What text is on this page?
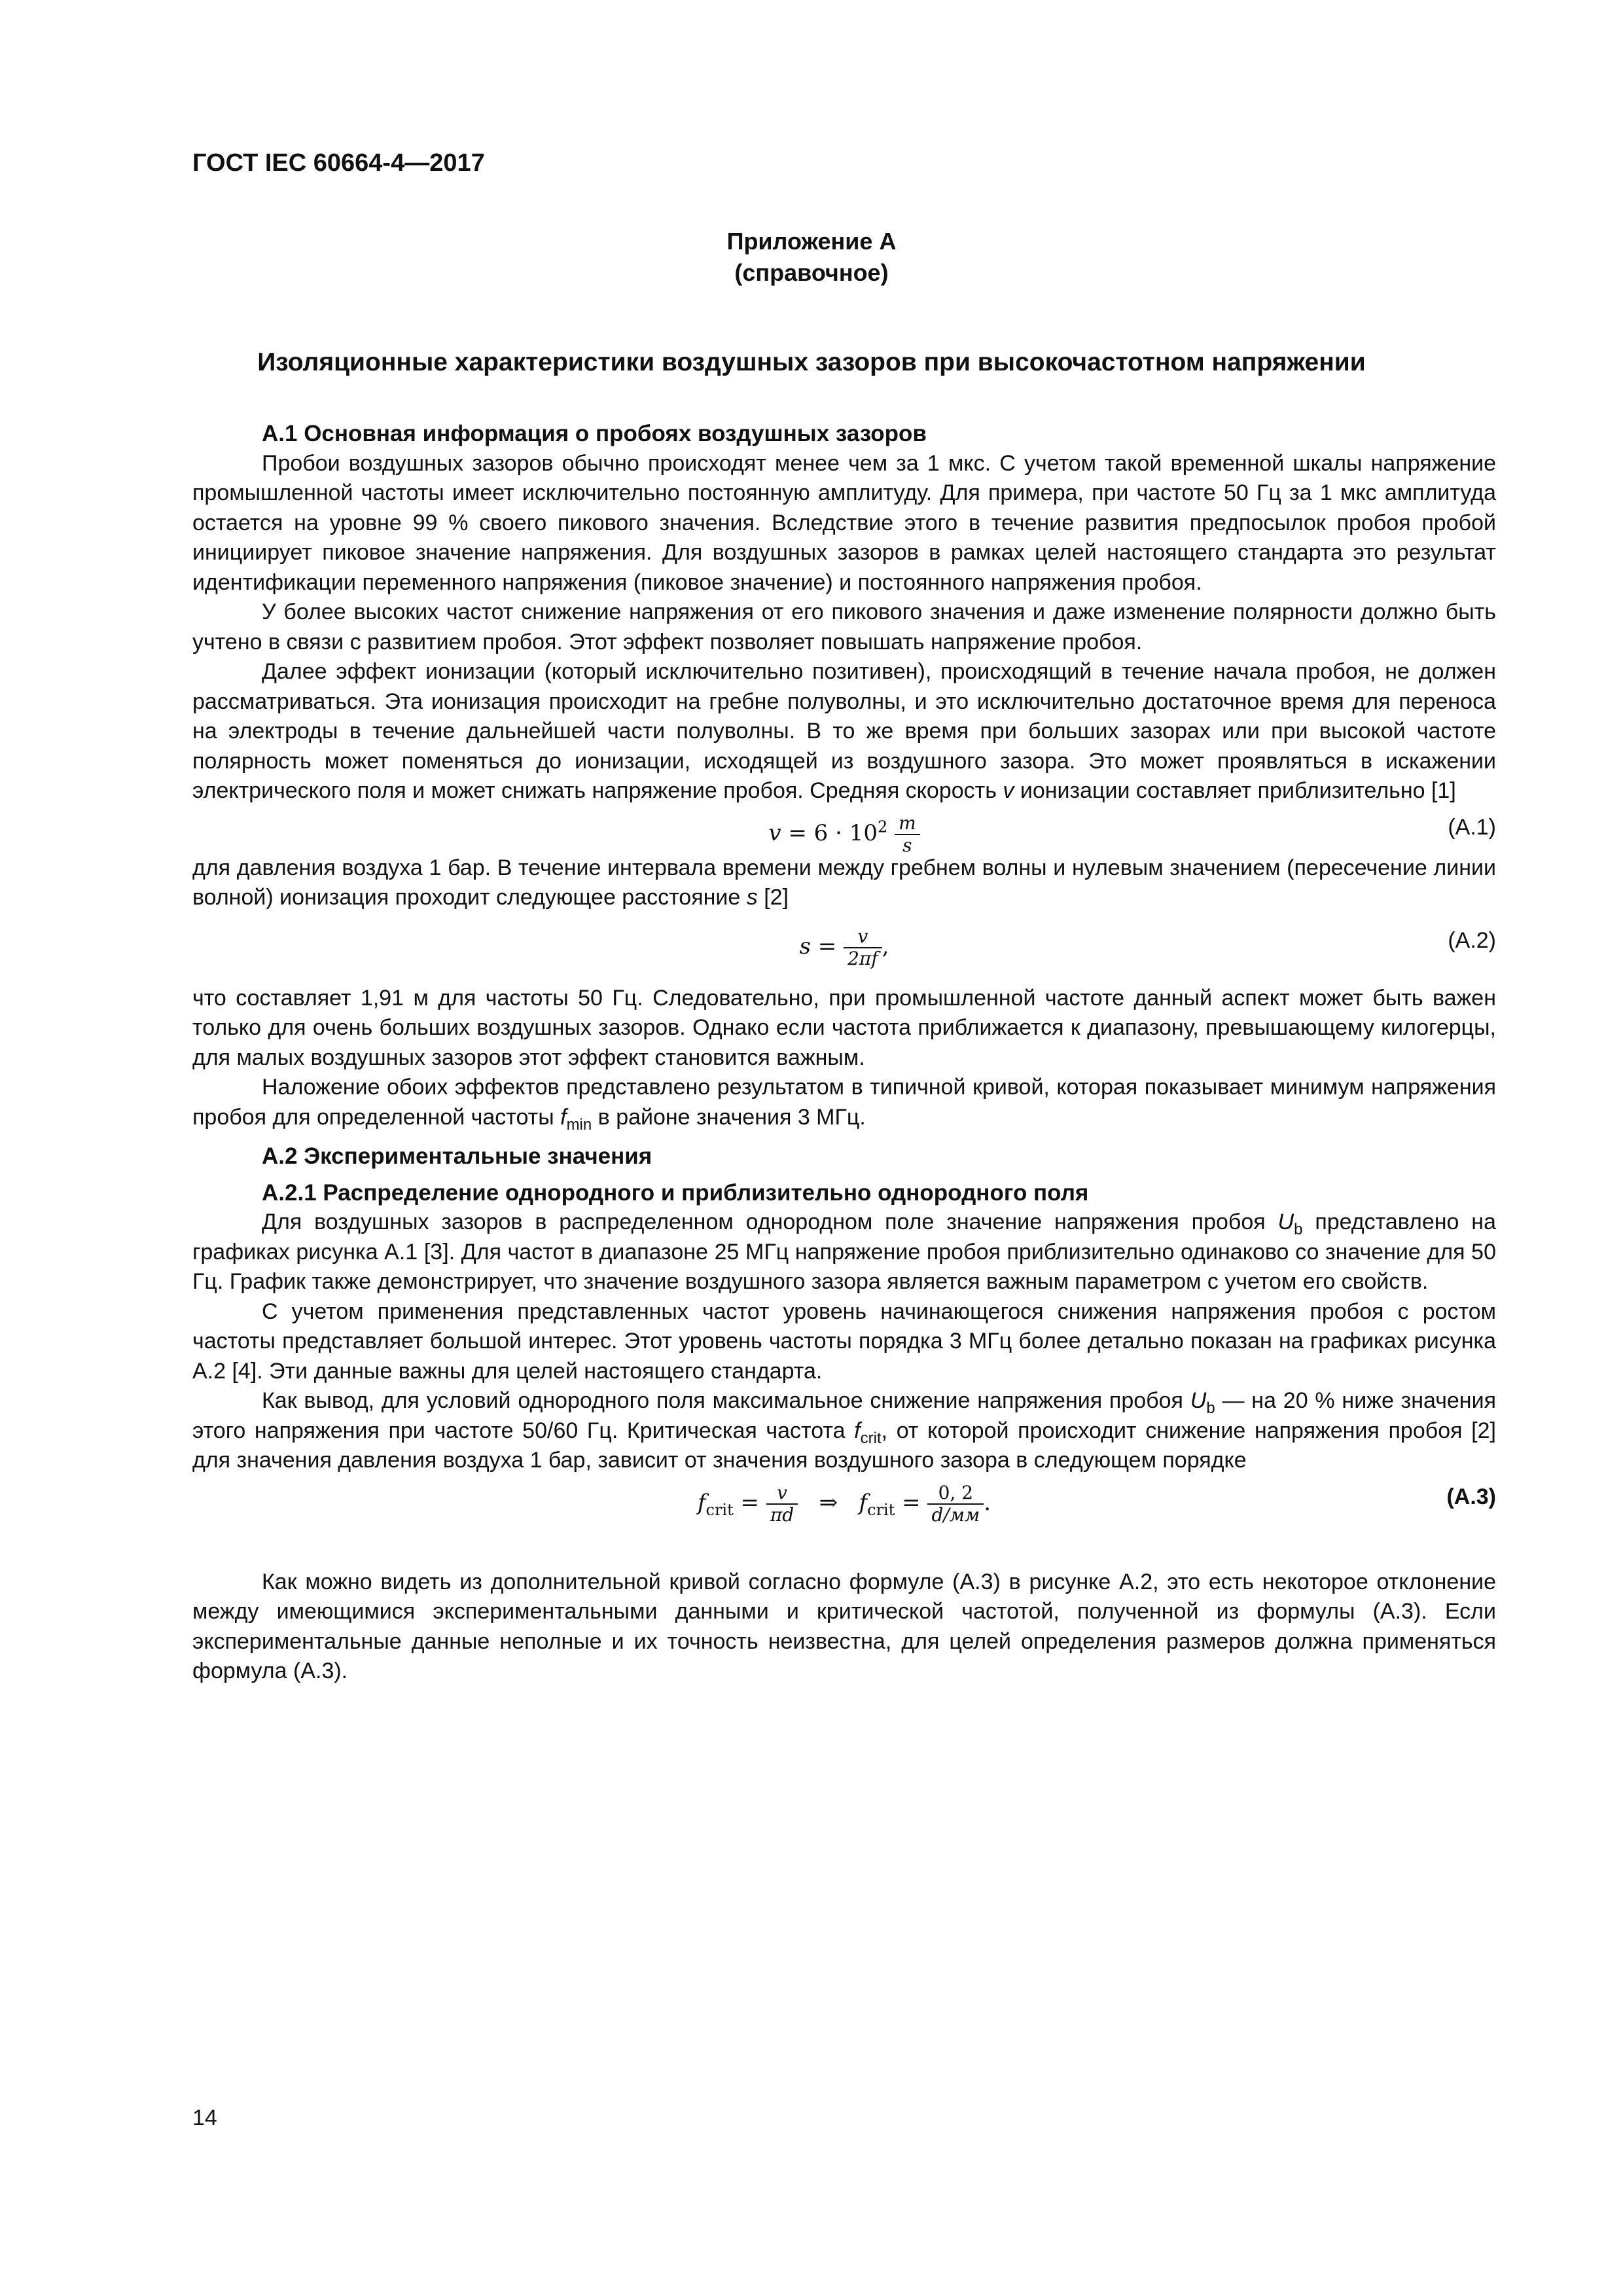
ГОСТ IEC 60664-4—2017
Приложение А
(справочное)
Изоляционные характеристики воздушных зазоров при высокочастотном напряжении
А.1 Основная информация о пробоях воздушных зазоров

Пробои воздушных зазоров обычно происходят менее чем за 1 мкс. С учетом такой временной шкалы напряжение промышленной частоты имеет исключительно постоянную амплитуду. Для примера, при частоте 50 Гц за 1 мкс амплитуда остается на уровне 99 % своего пикового значения. Вследствие этого в течение развития предпосылок пробоя пробой инициирует пиковое значение напряжения. Для воздушных зазоров в рамках целей настоящего стандарта это результат идентификации переменного напряжения (пиковое значение) и постоянного напряжения пробоя.

У более высоких частот снижение напряжения от его пикового значения и даже изменение полярности должно быть учтено в связи с развитием пробоя. Этот эффект позволяет повышать напряжение пробоя.

Далее эффект ионизации (который исключительно позитивен), происходящий в течение начала пробоя, не должен рассматриваться. Эта ионизация происходит на гребне полуволны, и это исключительно достаточное время для переноса на электроды в течение дальнейшей части полуволны. В то же время при больших зазорах или при высокой частоте полярность может поменяться до ионизации, исходящей из воздушного зазора. Это может проявляться в искажении электрического поля и может снижать напряжение пробоя. Средняя скорость v ионизации составляет приблизительно [1]

$v = 6 \cdot 10^2 \frac{m}{s}$	(А.1)

для давления воздуха 1 бар. В течение интервала времени между гребнем волны и нулевым значением (пересечение линии волной) ионизация проходит следующее расстояние s [2]

$s = \frac{v}{2\pi f}$ ,	(А.2)

что составляет 1,91 м для частоты 50 Гц. Следовательно, при промышленной частоте данный аспект может быть важен только для очень больших воздушных зазоров. Однако если частота приближается к диапазону, превышающему килогерцы, для малых воздушных зазоров этот эффект становится важным.

Наложение обоих эффектов представлено результатом в типичной кривой, которая показывает минимум напряжения пробоя для определенной частоты $f_{min}$ в районе значения 3 МГц.

А.2 Экспериментальные значения
А.2.1 Распределение однородного и приблизительно однородного поля

Для воздушных зазоров в распределенном однородном поле значение напряжения пробоя $U_b$ представлено на графиках рисунка А.1 [3]. Для частот в диапазоне 25 МГц напряжение пробоя приблизительно одинаково со значение для 50 Гц. График также демонстрирует, что значение воздушного зазора является важным параметром с учетом его свойств.

С учетом применения представленных частот уровень начинающегося снижения напряжения пробоя с ростом частоты представляет большой интерес. Этот уровень частоты порядка 3 МГц более детально показан на графиках рисунка А.2 [4]. Эти данные важны для целей настоящего стандарта.

Как вывод, для условий однородного поля максимальное снижение напряжения пробоя $U_b$ — на 20 % ниже значения этого напряжения при частоте 50/60 Гц. Критическая частота $f_{crit}$, от которой происходит снижение напряжения пробоя [2] для значения давления воздуха 1 бар, зависит от значения воздушного зазора в следующем порядке

$f_{crit} = \frac{v}{\pi d}$ ⇒ $f_{crit} = \frac{0, 2}{d/мм}$ .	(А.3)

Как можно видеть из дополнительной кривой согласно формуле (А.3) в рисунке А.2, это есть некоторое отклонение между имеющимися экспериментальными данными и критической частотой, полученной из формулы (А.3). Если экспериментальные данные неполные и их точность неизвестна, для целей определения размеров должна применяться формула (А.3).

14
